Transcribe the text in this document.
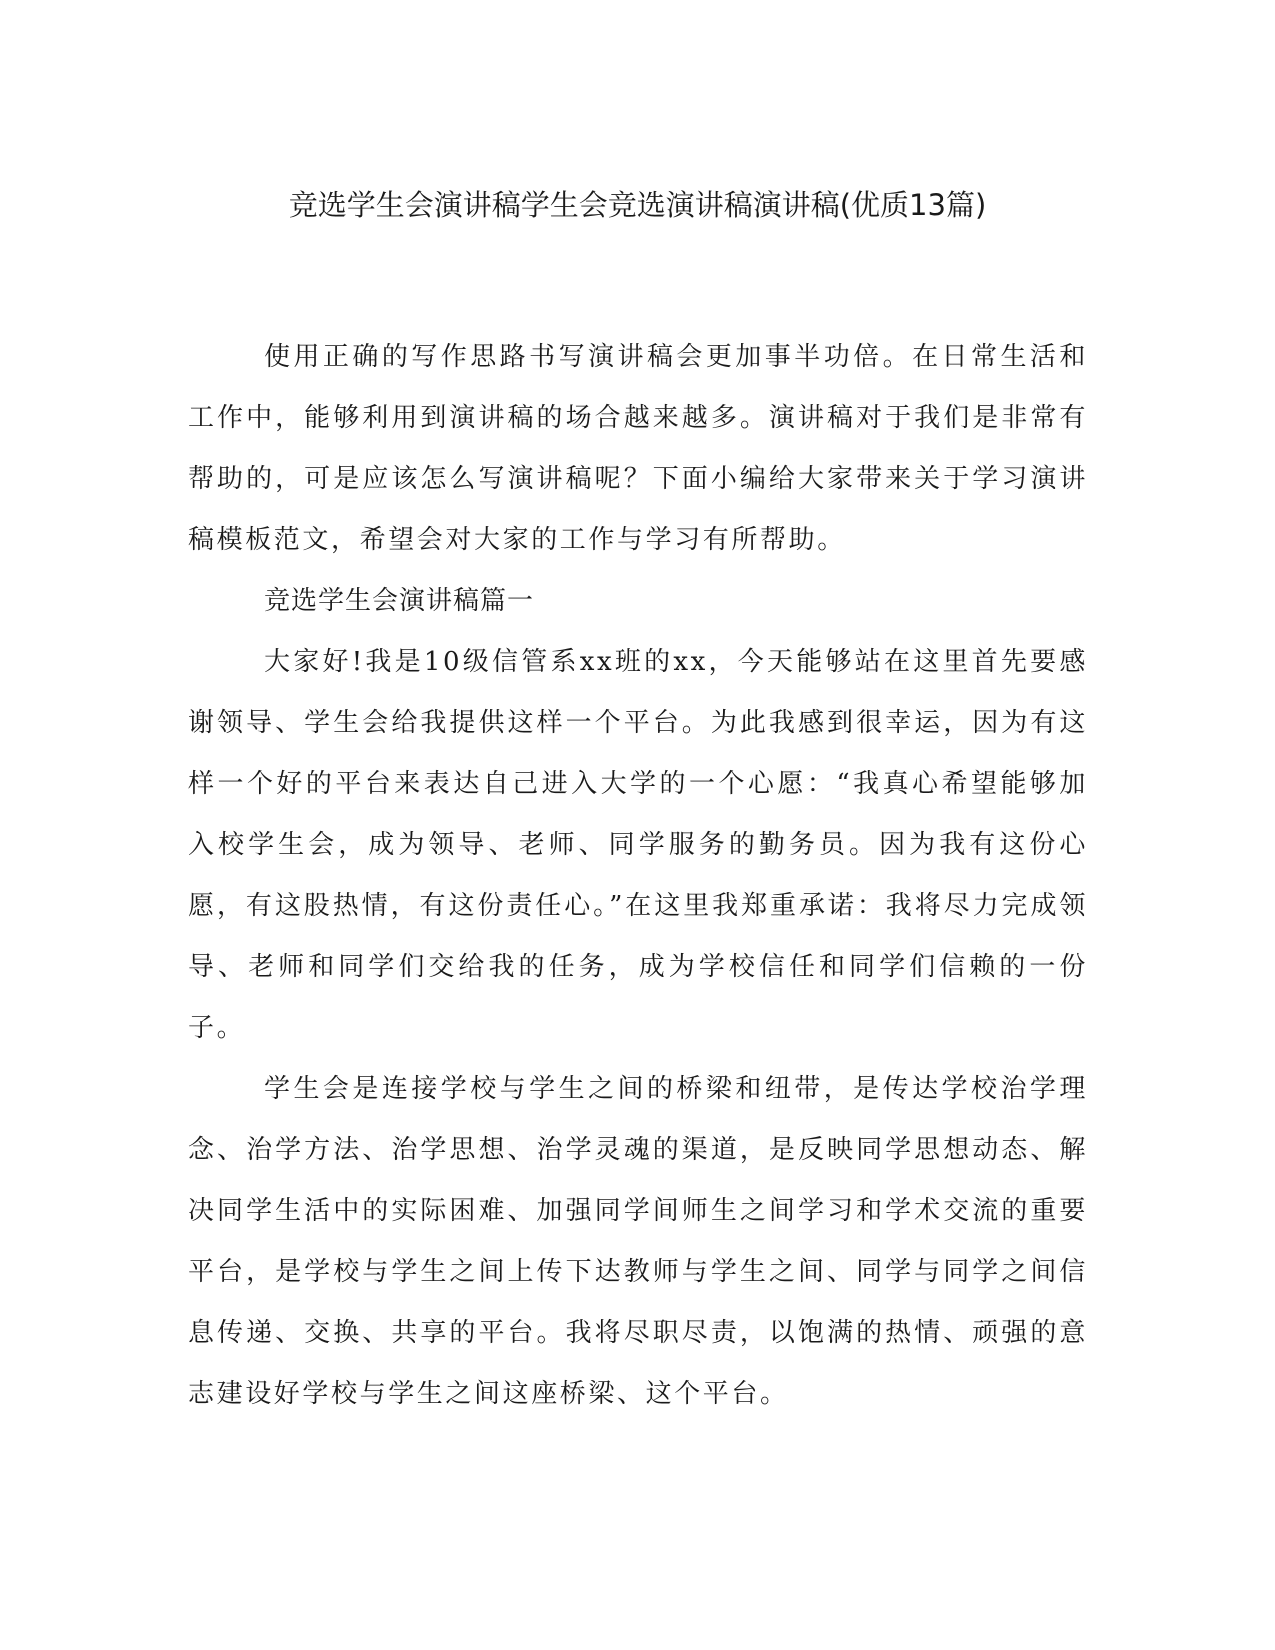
竞选学生会演讲稿学生会竞选演讲稿演讲稿(优质13篇)

使用正确的写作思路书写演讲稿会更加事半功倍。在日常生活和工作中，能够利用到演讲稿的场合越来越多。演讲稿对于我们是非常有帮助的，可是应该怎么写演讲稿呢？下面小编给大家带来关于学习演讲稿模板范文，希望会对大家的工作与学习有所帮助。

竞选学生会演讲稿篇一

大家好!我是10级信管系xx班的xx，今天能够站在这里首先要感谢领导、学生会给我提供这样一个平台。为此我感到很幸运，因为有这样一个好的平台来表达自己进入大学的一个心愿：“我真心希望能够加入校学生会，成为领导、老师、同学服务的勤务员。因为我有这份心愿，有这股热情，有这份责任心。”在这里我郑重承诺：我将尽力完成领导、老师和同学们交给我的任务，成为学校信任和同学们信赖的一份子。

学生会是连接学校与学生之间的桥梁和纽带，是传达学校治学理念、治学方法、治学思想、治学灵魂的渠道，是反映同学思想动态、解决同学生活中的实际困难、加强同学间师生之间学习和学术交流的重要平台，是学校与学生之间上传下达教师与学生之间、同学与同学之间信息传递、交换、共享的平台。我将尽职尽责，以饱满的热情、顽强的意志建设好学校与学生之间这座桥梁、这个平台。
